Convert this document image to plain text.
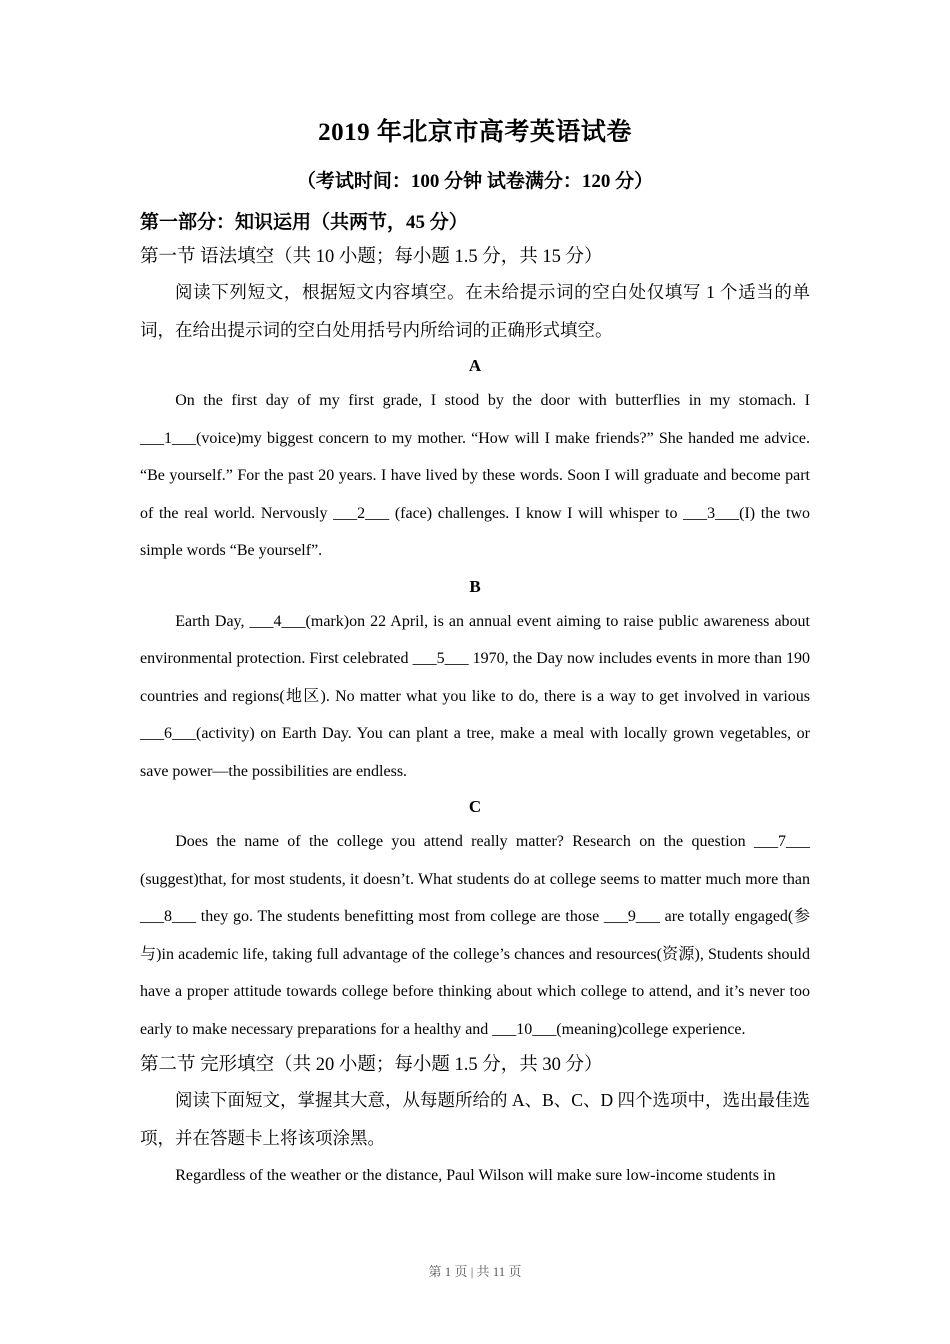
2019 年北京市高考英语试卷
（考试时间：100 分钟 试卷满分：120 分）
第一部分：知识运用（共两节，45 分）
第一节 语法填空（共 10 小题；每小题 1.5 分，共 15 分）

阅读下列短文，根据短文内容填空。在未给提示词的空白处仅填写 1 个适当的单词，在给出提示词的空白处用括号内所给词的正确形式填空。

A

On the first day of my first grade, I stood by the door with butterflies in my stomach. I ___1___(voice)my biggest concern to my mother. “How will I make friends?” She handed me advice. “Be yourself.” For the past 20 years. I have lived by these words. Soon I will graduate and become part of the real world. Nervously ___2___ (face) challenges. I know I will whisper to ___3___(I) the two simple words “Be yourself”.

B

Earth Day, ___4___(mark)on 22 April, is an annual event aiming to raise public awareness about environmental protection. First celebrated ___5___ 1970, the Day now includes events in more than 190 countries and regions(地区). No matter what you like to do, there is a way to get involved in various ___6___(activity) on Earth Day. You can plant a tree, make a meal with locally grown vegetables, or save power—the possibilities are endless.

C

Does the name of the college you attend really matter? Research on the question ___7___ (suggest)that, for most students, it doesn’t. What students do at college seems to matter much more than ___8___ they go. The students benefitting most from college are those ___9___ are totally engaged(参与)in academic life, taking full advantage of the college’s chances and resources(资源), Students should have a proper attitude towards college before thinking about which college to attend, and it’s never too early to make necessary preparations for a healthy and ___10___(meaning)college experience.

第二节 完形填空（共 20 小题；每小题 1.5 分，共 30 分）

阅读下面短文，掌握其大意，从每题所给的 A、B、C、D 四个选项中，选出最佳选项，并在答题卡上将该项涂黑。

Regardless of the weather or the distance, Paul Wilson will make sure low-income students in

第 1 页 | 共 11 页
